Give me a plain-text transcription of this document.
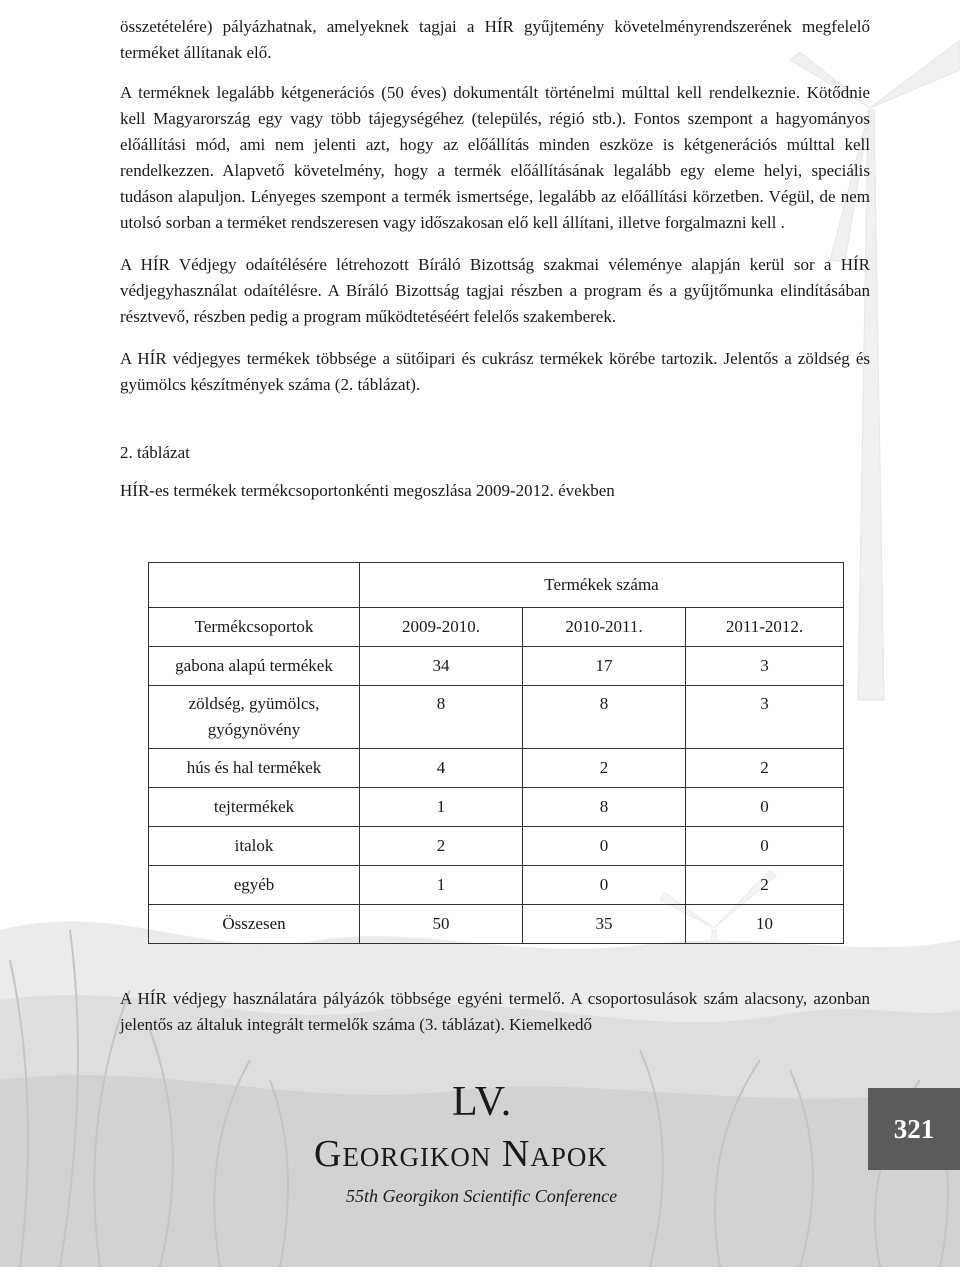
összetételére) pályázhatnak, amelyeknek tagjai a HÍR gyűjtemény követelményrendszerének megfelelő terméket állítanak elő.

A terméknek legalább kétgenerációs (50 éves) dokumentált történelmi múlttal kell rendelkeznie. Kötődnie kell Magyarország egy vagy több tájegységéhez (település, régió stb.). Fontos szempont a hagyományos előállítási mód, ami nem jelenti azt, hogy az előállítás minden eszköze is kétgenerációs múlttal kell rendelkezzen. Alapvető követelmény, hogy a termék előállításának legalább egy eleme helyi, speciális tudáson alapuljon. Lényeges szempont a termék ismertsége, legalább az előállítási körzetben. Végül, de nem utolsó sorban a terméket rendszeresen vagy időszakosan elő kell állítani, illetve forgalmazni kell .

A HÍR Védjegy odaítélésére létrehozott Bíráló Bizottság szakmai véleménye alapján kerül sor a HÍR védjegyhasználat odaítélésre. A Bíráló Bizottság tagjai részben a program és a gyűjtőmunka elindításában résztvevő, részben pedig a program működtetéséért felelős szakemberek.

A HÍR védjegyes termékek többsége a sütőipari és cukrász termékek körébe tartozik. Jelentős a zöldség és gyümölcs készítmények száma (2. táblázat).

2. táblázat

HÍR-es termékek termékcsoportonkénti megoszlása 2009-2012. években

	Termékek száma		
Termékcsoportok	2009-2010.	2010-2011.	2011-2012.
gabona alapú termékek	34	17	3
zöldség, gyümölcs, gyógynövény	8	8	3
hús és hal termékek	4	2	2
tejtermékek	1	8	0
italok	2	0	0
egyéb	1	0	2
Összesen	50	35	10

A HÍR védjegy használatára pályázók többsége egyéni termelő. A csoportosulások szám alacsony, azonban jelentős az általuk integrált termelők száma (3. táblázat). Kiemelkedő

LV.
Georgikon Napok
55th Georgikon Scientific Conference
321
